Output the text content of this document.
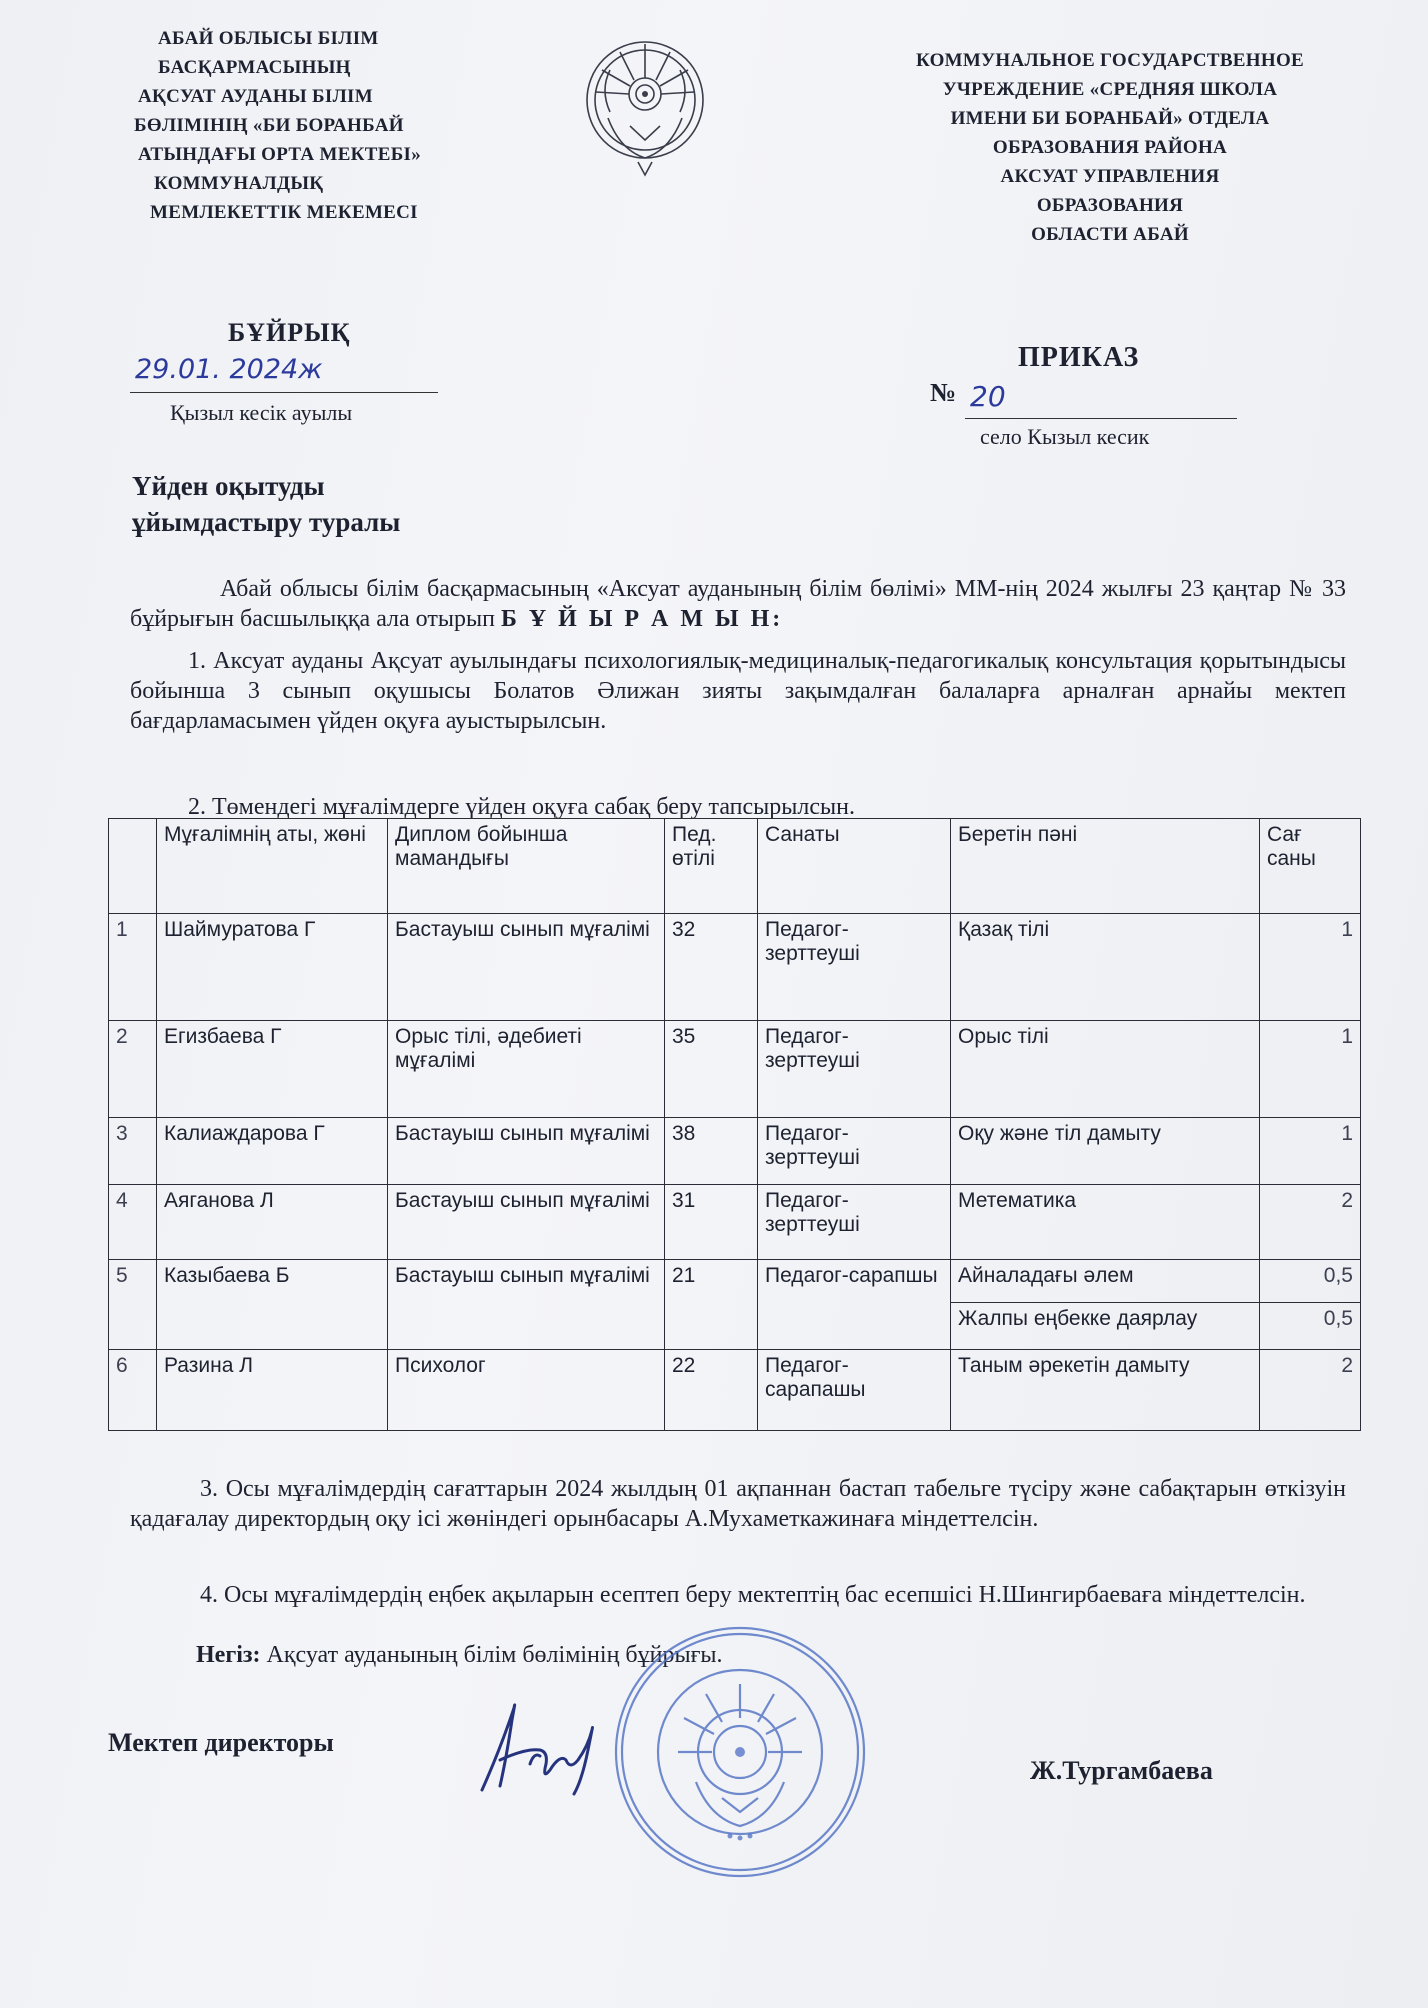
АБАЙ ОБЛЫСЫ БІЛІМ
БАСҚАРМАСЫНЫҢ
АҚСУАТ АУДАНЫ БІЛІМ
БӨЛІМІНІҢ «БИ БОРАНБАЙ
АТЫНДАҒЫ ОРТА МЕКТЕБІ»
КОММУНАЛДЫҚ
МЕМЛЕКЕТТІК МЕКЕМЕСІ
КОММУНАЛЬНОЕ ГОСУДАРСТВЕННОЕ
УЧРЕЖДЕНИЕ «СРЕДНЯЯ ШКОЛА
ИМЕНИ БИ БОРАНБАЙ» ОТДЕЛА
ОБРАЗОВАНИЯ РАЙОНА
АКСУАТ УПРАВЛЕНИЯ
ОБРАЗОВАНИЯ
ОБЛАСТИ АБАЙ
БҰЙРЫҚ
29.01. 2024ж
Қызыл кесік ауылы
ПРИКАЗ
№ 20
село Кызыл кесик
Үйден оқытуды
ұйымдастыру туралы
Абай облысы білім басқармасының «Аксуат ауданының білім бөлімі» ММ-нің 2024 жылғы 23 қаңтар № 33 бұйрығын басшылыққа ала отырып Б Ұ Й Ы Р А М Ы Н:
1. Аксуат ауданы Ақсуат ауылындағы психологиялық-медициналық-педагогикалық консультация қорытындысы бойынша 3 сынып оқушысы Болатов Әлижан зияты зақымдалған балаларға арналған арнайы мектеп бағдарламасымен үйден оқуға ауыстырылсын.
2. Төмендегі мұғалімдерге үйден оқуға сабақ беру тапсырылсын.
	Мұғалімнің аты, жөні	Диплом бойынша мамандығы	Пед. өтілі	Санаты	Беретін пәні	Сағ саны
1	Шаймуратова Г	Бастауыш сынып мұғалімі	32	Педагог-зерттеуші	Қазақ тілі	1
2	Егизбаева Г	Орыс тілі, әдебиеті мұғалімі	35	Педагог-зерттеуші	Орыс тілі	1
3	Калиаждарова Г	Бастауыш сынып мұғалімі	38	Педагог-зерттеуші	Оқу және тіл дамыту	1
4	Аяганова Л	Бастауыш сынып мұғалімі	31	Педагог-зерттеуші	Метематика	2
5	Казыбаева Б	Бастауыш сынып мұғалімі	21	Педагог-сарапшы	Айналадағы әлем	0,5
					Жалпы еңбекке даярлау	0,5
6	Разина Л	Психолог	22	Педагог-сарапашы	Таным әрекетін дамыту	2
3. Осы мұғалімдердің сағаттарын 2024 жылдың 01 ақпаннан бастап табельге түсіру және сабақтарын өткізуін қадағалау директордың оқу ісі жөніндегі орынбасары А.Мухаметкажинаға міндеттелсін.
4. Осы мұғалімдердің еңбек ақыларын есептеп беру мектептің бас есепшісі Н.Шингирбаеваға міндеттелсін.
Негіз: Ақсуат ауданының білім бөлімінің бұйрығы.
Мектеп директоры
Ж.Тургамбаева
